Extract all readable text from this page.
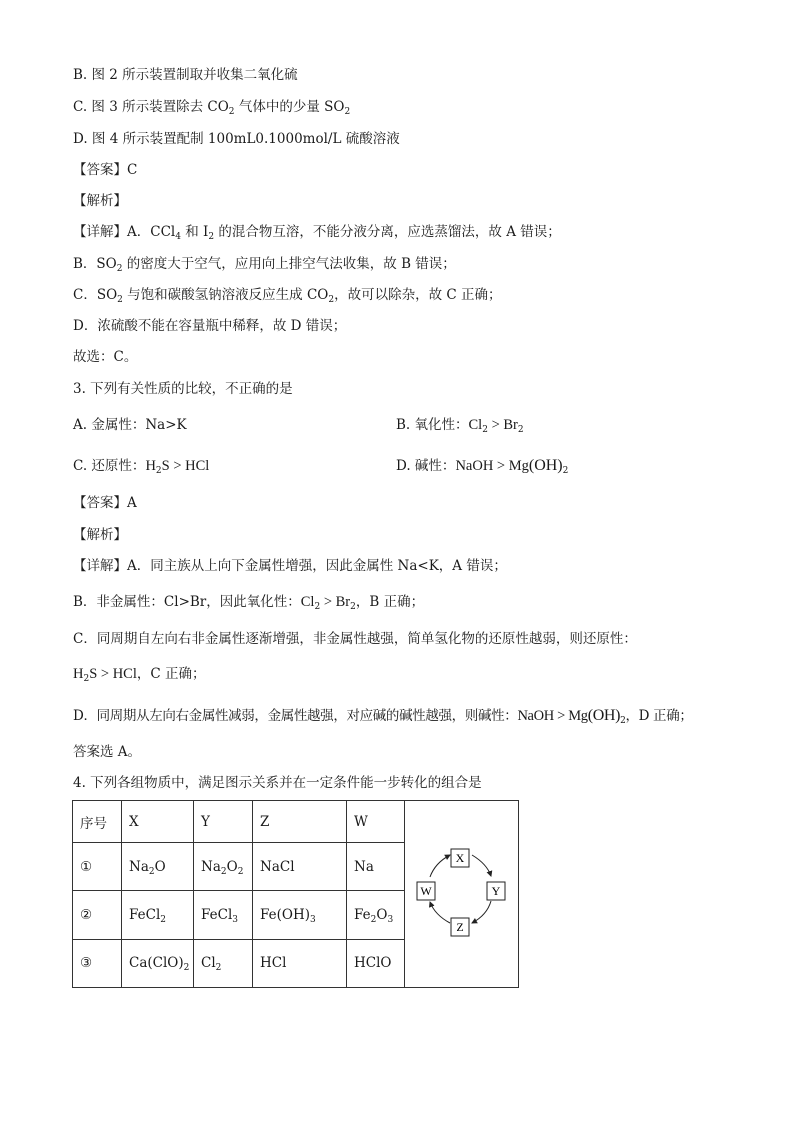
B. 图 2 所示装置制取并收集二氧化硫
C. 图 3 所示装置除去 $CO_2$ 气体中的少量 $SO_2$
D. 图 4 所示装置配制 100mL0.1000mol/L 硫酸溶液
【答案】C
【解析】
【详解】A．CCl$_4$ 和 $I_2$ 的混合物互溶，不能分液分离，应选蒸馏法，故 A 错误；
B．$SO_2$ 的密度大于空气，应用向上排空气法收集，故 B 错误；
C．$SO_2$ 与饱和碳酸氢钠溶液反应生成 $CO_2$，故可以除杂，故 C 正确；
D．浓硫酸不能在容量瓶中稀释，故 D 错误；
故选：C。
3. 下列有关性质的比较，不正确的是
A. 金属性：Na>K	B. 氧化性：$Cl_2 > Br_2$
C. 还原性：$H_2S$ > HCl	D. 碱性：NaOH > $Mg(OH)_2$
【答案】A
【解析】
【详解】A．同主族从上向下金属性增强，因此金属性 Na<K，A 错误；
B．非金属性：Cl>Br，因此氧化性：$Cl_2 > Br_2$，B 正确；
C．同周期自左向右非金属性逐渐增强，非金属性越强，简单氢化物的还原性越弱，则还原性：
$H_2S$ > HCl，C 正确；
D．同周期从左向右金属性减弱，金属性越强，对应碱的碱性越强，则碱性：NaOH > $Mg(OH)_2$，D 正确；
答案选 A。
4. 下列各组物质中，满足图示关系并在一定条件能一步转化的组合是
序号	X	Y	Z	W	X
Y
Z
W

①	$Na_2O$	$Na_2O_2$	NaCl	Na	
②	FeCl$_2$	FeCl$_3$	$Fe(OH)_3$	$Fe_2O_3$
③	$Ca(ClO)_2$	$Cl_2$	HCl	HClO	
